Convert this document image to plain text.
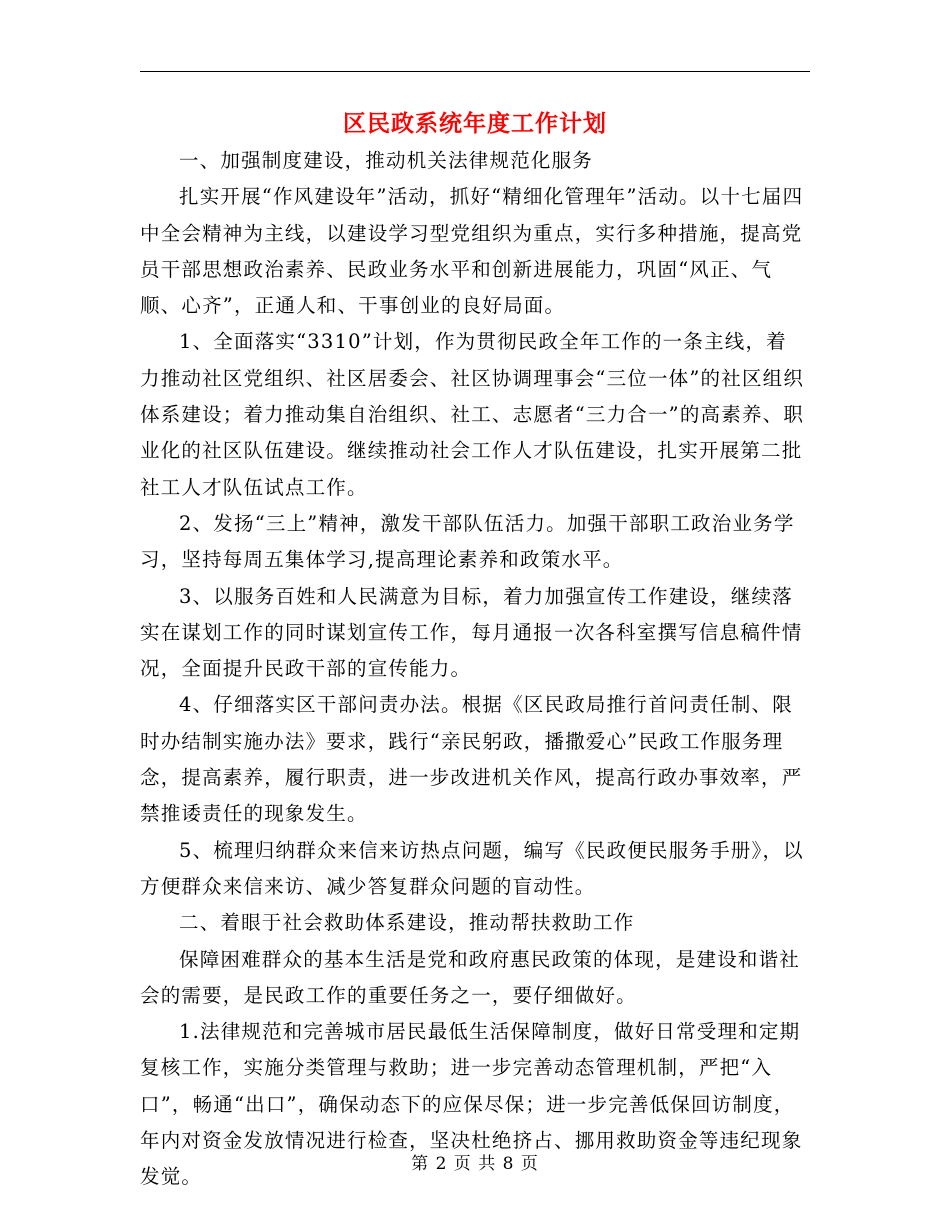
区民政系统年度工作计划

一、加强制度建设，推动机关法律规范化服务

扎实开展“作风建设年”活动，抓好“精细化管理年”活动。以十七届四中全会精神为主线，以建设学习型党组织为重点，实行多种措施，提高党员干部思想政治素养、民政业务水平和创新进展能力，巩固“风正、气顺、心齐”，正通人和、干事创业的良好局面。

1、全面落实“3310”计划，作为贯彻民政全年工作的一条主线，着力推动社区党组织、社区居委会、社区协调理事会“三位一体”的社区组织体系建设；着力推动集自治组织、社工、志愿者“三力合一”的高素养、职业化的社区队伍建设。继续推动社会工作人才队伍建设，扎实开展第二批社工人才队伍试点工作。

2、发扬“三上”精神，激发干部队伍活力。加强干部职工政治业务学习，坚持每周五集体学习,提高理论素养和政策水平。

3、以服务百姓和人民满意为目标，着力加强宣传工作建设，继续落实在谋划工作的同时谋划宣传工作，每月通报一次各科室撰写信息稿件情况，全面提升民政干部的宣传能力。

4、仔细落实区干部问责办法。根据《区民政局推行首问责任制、限时办结制实施办法》要求，践行“亲民躬政，播撒爱心”民政工作服务理念，提高素养，履行职责，进一步改进机关作风，提高行政办事效率，严禁推诿责任的现象发生。

5、梳理归纳群众来信来访热点问题，编写《民政便民服务手册》，以方便群众来信来访、减少答复群众问题的盲动性。

二、着眼于社会救助体系建设，推动帮扶救助工作

保障困难群众的基本生活是党和政府惠民政策的体现，是建设和谐社会的需要，是民政工作的重要任务之一，要仔细做好。

1.法律规范和完善城市居民最低生活保障制度，做好日常受理和定期复核工作，实施分类管理与救助；进一步完善动态管理机制，严把“入口”，畅通“出口”，确保动态下的应保尽保；进一步完善低保回访制度，年内对资金发放情况进行检查，坚决杜绝挤占、挪用救助资金等违纪现象发觉。

第 2 页 共 8 页
